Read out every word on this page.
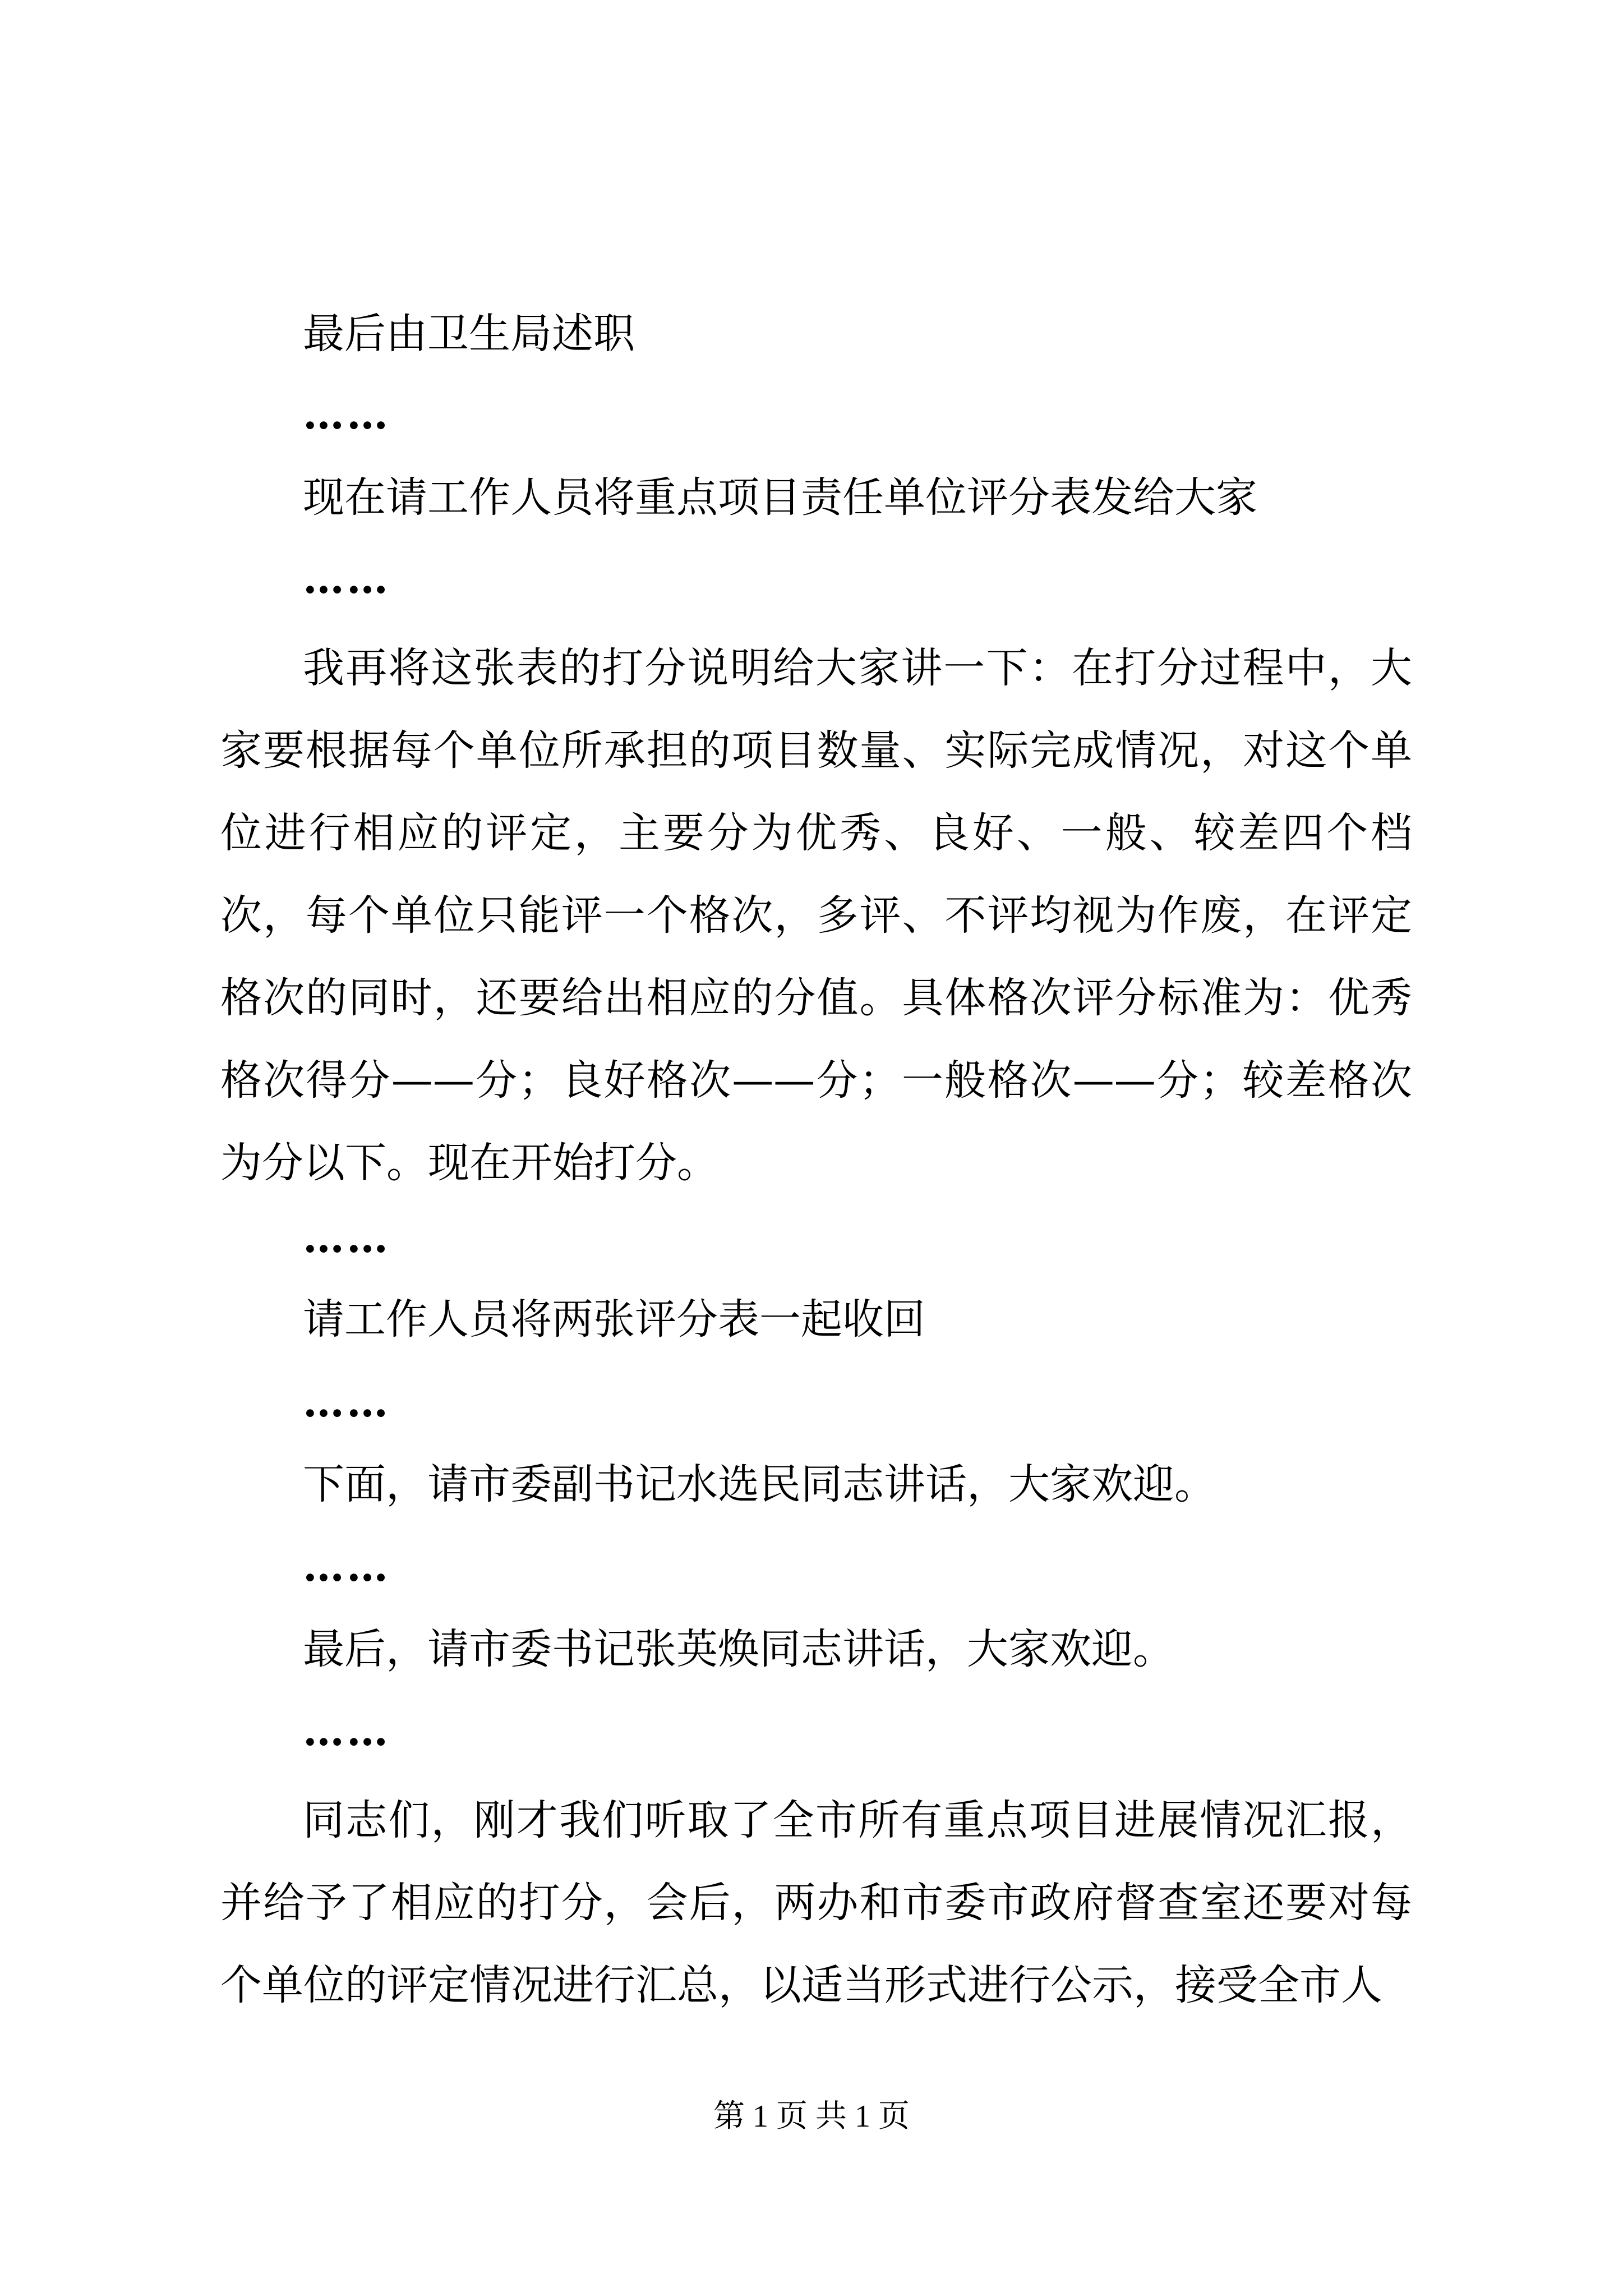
最后由卫生局述职

……

现在请工作人员将重点项目责任单位评分表发给大家

……

我再将这张表的打分说明给大家讲一下：在打分过程中，大家要根据每个单位所承担的项目数量、实际完成情况，对这个单位进行相应的评定，主要分为优秀、良好、一般、较差四个档次，每个单位只能评一个格次，多评、不评均视为作废，在评定格次的同时，还要给出相应的分值。具体格次评分标准为：优秀格次得分——分；良好格次——分；一般格次——分；较差格次为分以下。现在开始打分。

……

请工作人员将两张评分表一起收回

……

下面，请市委副书记水选民同志讲话，大家欢迎。

……

最后，请市委书记张英焕同志讲话，大家欢迎。

……

同志们，刚才我们听取了全市所有重点项目进展情况汇报，并给予了相应的打分，会后，两办和市委市政府督查室还要对每个单位的评定情况进行汇总，以适当形式进行公示，接受全市人

第 1 页 共 1 页
